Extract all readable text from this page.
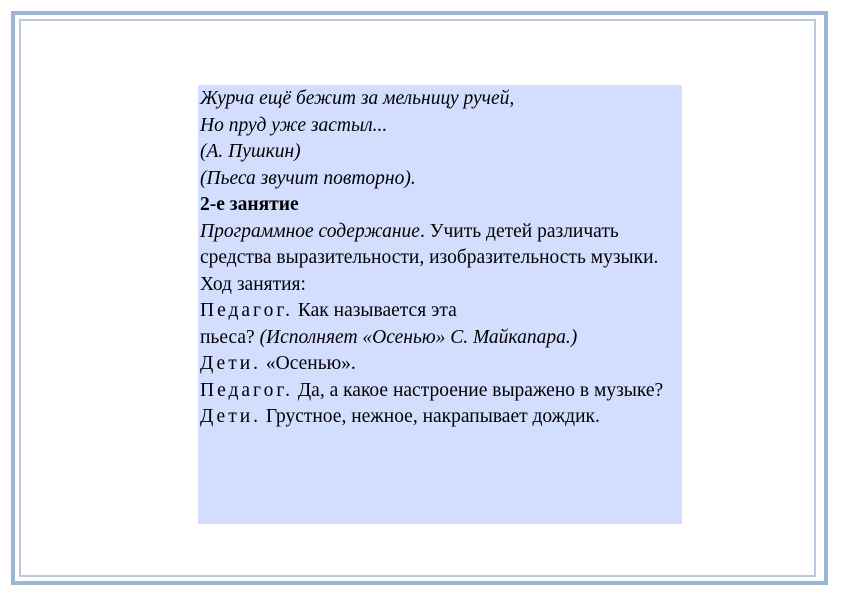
Журча ещё бежит за мельницу ручей,
Но пруд уже застыл...
(А. Пушкин)
(Пьеса звучит повторно).

2-е занятие

Программное содержание. Учить детей различать средства выразительности, изобразительность музыки.

Ход занятия:

Педагог. Как называется эта
пьеса? (Исполняет «Осенью» С. Майкапара.)

Дети. «Осенью».

Педагог. Да, а какое настроение выражено в музыке?

Дети. Грустное, нежное, накрапывает дождик.
